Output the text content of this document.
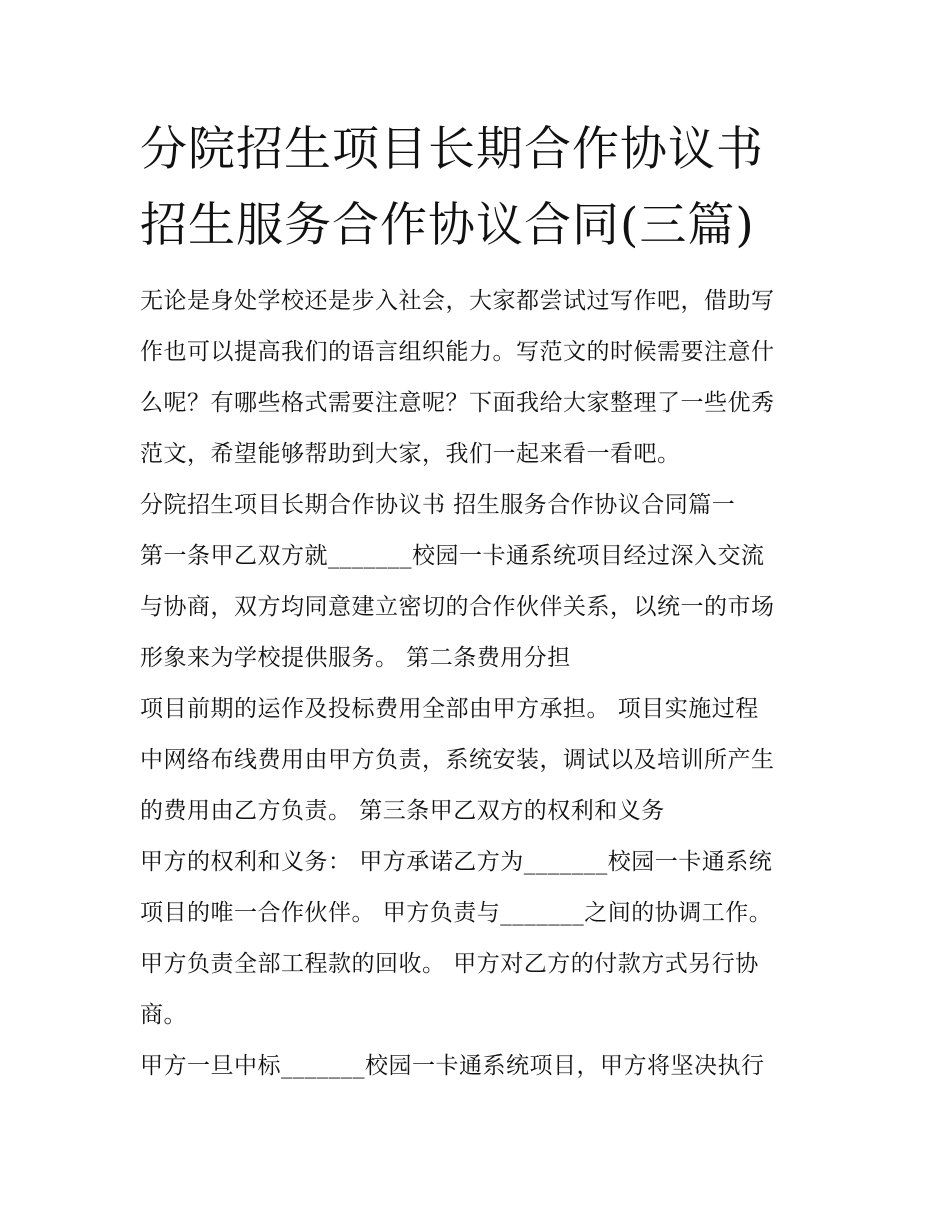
分院招生项目长期合作协议书
招生服务合作协议合同(三篇)
无论是身处学校还是步入社会，大家都尝试过写作吧，借助写
作也可以提高我们的语言组织能力。写范文的时候需要注意什
么呢？有哪些格式需要注意呢？下面我给大家整理了一些优秀
范文，希望能够帮助到大家，我们一起来看一看吧。
分院招生项目长期合作协议书 招生服务合作协议合同篇一
第一条甲乙双方就_______校园一卡通系统项目经过深入交流
与协商，双方均同意建立密切的合作伙伴关系，以统一的市场
形象来为学校提供服务。 第二条费用分担
项目前期的运作及投标费用全部由甲方承担。 项目实施过程
中网络布线费用由甲方负责，系统安装，调试以及培训所产生
的费用由乙方负责。 第三条甲乙双方的权利和义务
甲方的权利和义务： 甲方承诺乙方为_______校园一卡通系统
项目的唯一合作伙伴。 甲方负责与_______之间的协调工作。
甲方负责全部工程款的回收。 甲方对乙方的付款方式另行协
商。
甲方一旦中标_______校园一卡通系统项目，甲方将坚决执行
